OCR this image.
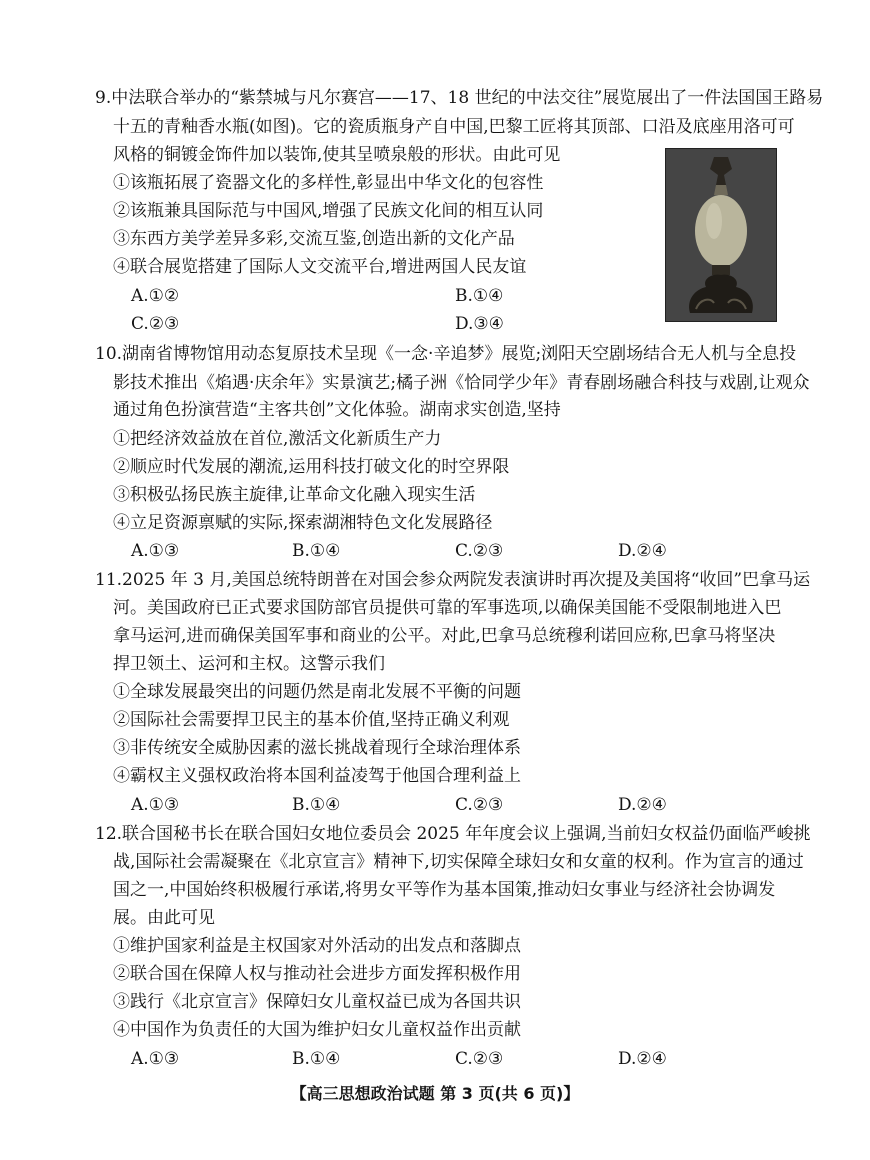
9.中法联合举办的“紫禁城与凡尔赛宫——17、18 世纪的中法交往”展览展出了一件法国国王路易
十五的青釉香水瓶(如图)。它的瓷质瓶身产自中国,巴黎工匠将其顶部、口沿及底座用洛可可
风格的铜镀金饰件加以装饰,使其呈喷泉般的形状。由此可见
①该瓶拓展了瓷器文化的多样性,彰显出中华文化的包容性
②该瓶兼具国际范与中国风,增强了民族文化间的相互认同
③东西方美学差异多彩,交流互鉴,创造出新的文化产品
④联合展览搭建了国际人文交流平台,增进两国人民友谊
A.①②	B.①④
C.②③	D.③④
10.湖南省博物馆用动态复原技术呈现《一念·辛追梦》展览;浏阳天空剧场结合无人机与全息投
影技术推出《焰遇·庆余年》实景演艺;橘子洲《恰同学少年》青春剧场融合科技与戏剧,让观众
通过角色扮演营造“主客共创”文化体验。湖南求实创造,坚持
①把经济效益放在首位,激活文化新质生产力
②顺应时代发展的潮流,运用科技打破文化的时空界限
③积极弘扬民族主旋律,让革命文化融入现实生活
④立足资源禀赋的实际,探索湖湘特色文化发展路径
A.①③	B.①④	C.②③	D.②④
11.2025 年 3 月,美国总统特朗普在对国会参众两院发表演讲时再次提及美国将“收回”巴拿马运
河。美国政府已正式要求国防部官员提供可靠的军事选项,以确保美国能不受限制地进入巴
拿马运河,进而确保美国军事和商业的公平。对此,巴拿马总统穆利诺回应称,巴拿马将坚决
捍卫领土、运河和主权。这警示我们
①全球发展最突出的问题仍然是南北发展不平衡的问题
②国际社会需要捍卫民主的基本价值,坚持正确义利观
③非传统安全威胁因素的滋长挑战着现行全球治理体系
④霸权主义强权政治将本国利益凌驾于他国合理利益上
A.①③	B.①④	C.②③	D.②④
12.联合国秘书长在联合国妇女地位委员会 2025 年年度会议上强调,当前妇女权益仍面临严峻挑
战,国际社会需凝聚在《北京宣言》精神下,切实保障全球妇女和女童的权利。作为宣言的通过
国之一,中国始终积极履行承诺,将男女平等作为基本国策,推动妇女事业与经济社会协调发
展。由此可见
①维护国家利益是主权国家对外活动的出发点和落脚点
②联合国在保障人权与推动社会进步方面发挥积极作用
③践行《北京宣言》保障妇女儿童权益已成为各国共识
④中国作为负责任的大国为维护妇女儿童权益作出贡献
A.①③	B.①④	C.②③	D.②④
【高三思想政治试题 第 3 页(共 6 页)】
